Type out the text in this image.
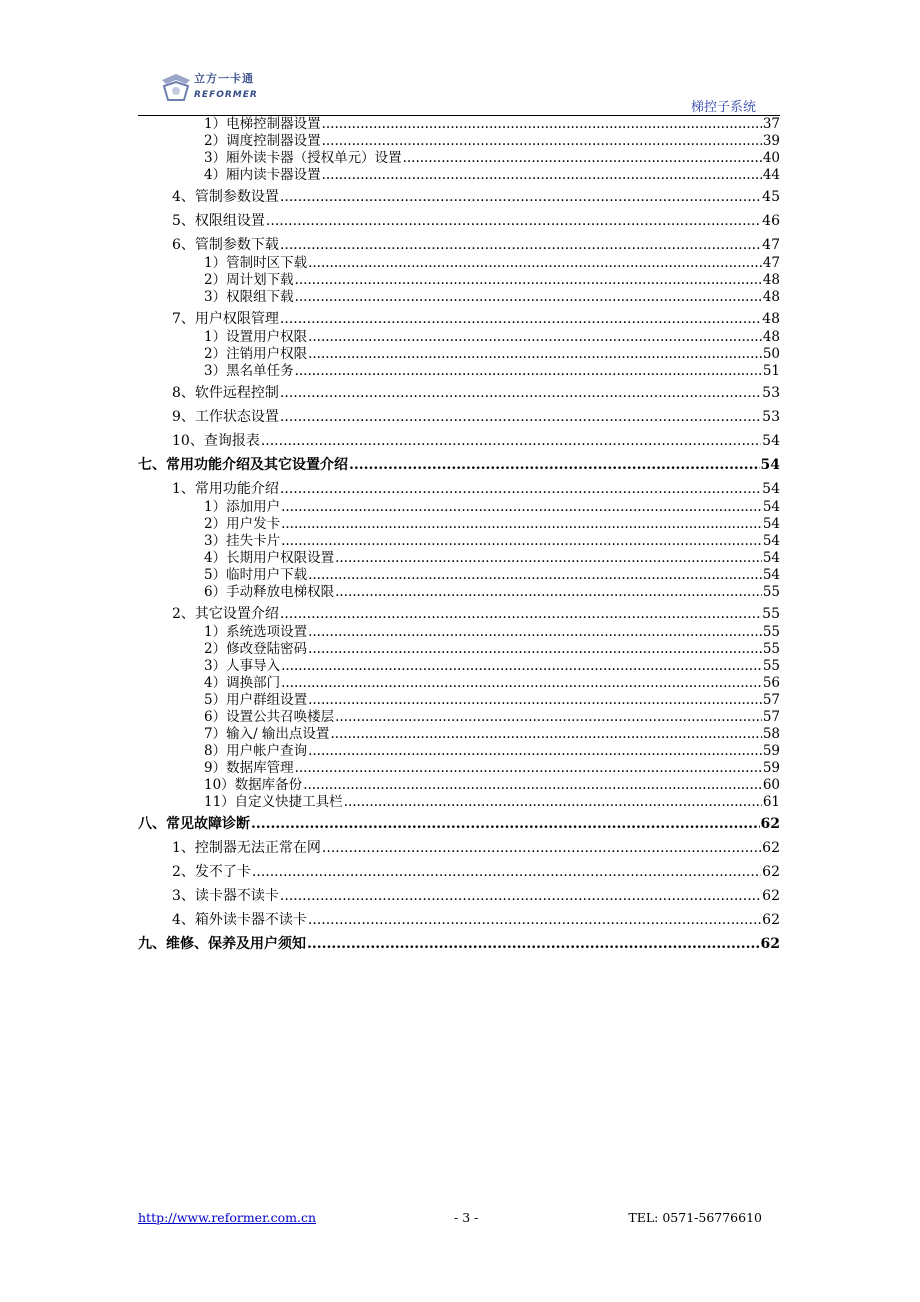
立方一卡通
REFORMER
梯控子系统
1）电梯控制器设置 .....	37
2）调度控制器设置 .....	39
3）厢外读卡器（授权单元）设置 .....	40
4）厢内读卡器设置 .....	44
4、管制参数设置 .....	45
5、权限组设置 .....	46
6、管制参数下载 .....	47
1）管制时区下载 .....	47
2）周计划下载 .....	48
3）权限组下载 .....	48
7、用户权限管理 .....	48
1）设置用户权限 .....	48
2）注销用户权限 .....	50
3）黑名单任务 .....	51
8、软件远程控制 .....	53
9、工作状态设置 .....	53
10、查询报表 .....	54
七、常用功能介绍及其它设置介绍 .....	54
1、常用功能介绍 .....	54
1）添加用户 .....	54
2）用户发卡 .....	54
3）挂失卡片 .....	54
4）长期用户权限设置 .....	54
5）临时用户下载 .....	54
6）手动释放电梯权限 .....	55
2、其它设置介绍 .....	55
1）系统选项设置 .....	55
2）修改登陆密码 .....	55
3）人事导入 .....	55
4）调换部门 .....	56
5）用户群组设置 .....	57
6）设置公共召唤楼层 .....	57
7）输入/ 输出点设置 .....	58
8）用户帐户查询 .....	59
9）数据库管理 .....	59
10）数据库备份 .....	60
11）自定义快捷工具栏 .....	61
八、常见故障诊断 .....	62
1、控制器无法正常在网 .....	62
2、发不了卡 .....	62
3、读卡器不读卡 .....	62
4、箱外读卡器不读卡 .....	62
九、维修、保养及用户须知 .....	62
http://www.reformer.com.cn	- 3 -	TEL: 0571-56776610
